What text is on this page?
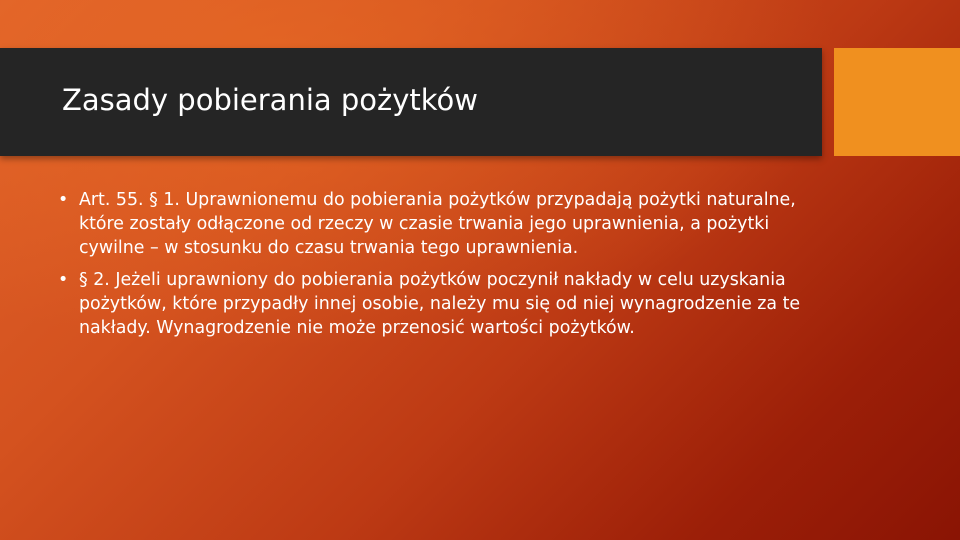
Zasady pobierania pożytków
• Art. 55. § 1. Uprawnionemu do pobierania pożytków przypadają pożytki naturalne, które zostały odłączone od rzeczy w czasie trwania jego uprawnienia, a pożytki cywilne – w stosunku do czasu trwania tego uprawnienia.
• § 2. Jeżeli uprawniony do pobierania pożytków poczynił nakłady w celu uzyskania pożytków, które przypadły innej osobie, należy mu się od niej wynagrodzenie za te nakłady. Wynagrodzenie nie może przenosić wartości pożytków.
